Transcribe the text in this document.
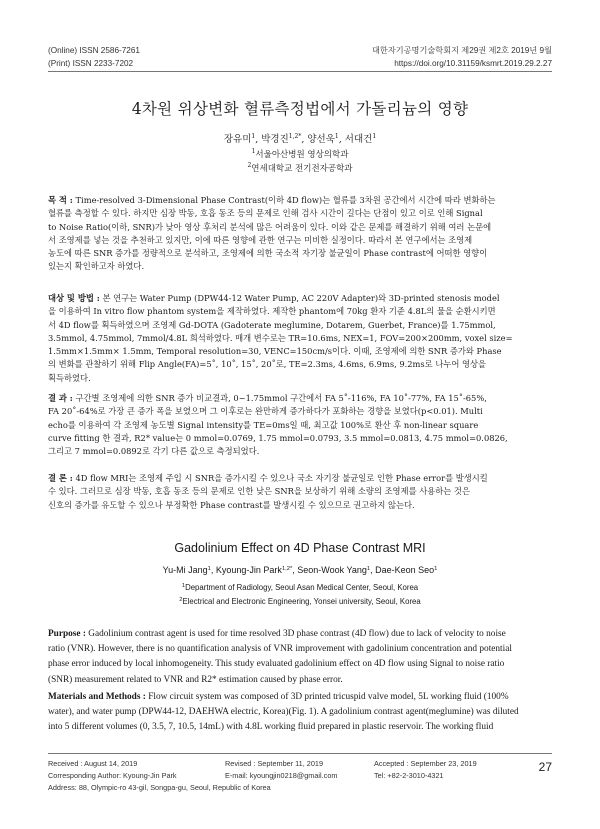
(Online) ISSN 2586-7261
(Print) ISSN 2233-7202
대한자기공명기술학회지 제29권 제2호 2019년 9월
https://doi.org/10.31159/ksmrt.2019.29.2.27
4차원 위상변화 혈류측정법에서 가돌리늄의 영향
장유미$^1$, 박경진$^{1,2*}$, 양선욱$^1$, 서대건$^1$
$^1$서울아산병원 영상의학과
$^2$연세대학교 전기전자공학과
목 적 : Time-resolved 3-Dimensional Phase Contrast(이하 4D flow)는 혈류를 3차원 공간에서 시간에 따라 변화하는
혈류를 측정할 수 있다. 하지만 심장 박동, 호흡 동조 등의 문제로 인해 검사 시간이 길다는 단점이 있고 이로 인해 Signal
to Noise Ratio(이하, SNR)가 낮아 영상 후처리 분석에 많은 어려움이 있다. 이와 같은 문제를 해결하기 위해 여러 논문에
서 조영제를 넣는 것을 추천하고 있지만, 이에 따른 영향에 관한 연구는 미비한 실정이다. 따라서 본 연구에서는 조영제
농도에 따른 SNR 증가를 정량적으로 분석하고, 조영제에 의한 국소적 자기장 불균일이 Phase contrast에 어떠한 영향이
있는지 확인하고자 하였다.
대상 및 방법 : 본 연구는 Water Pump (DPW44-12 Water Pump, AC 220V Adapter)와 3D-printed stenosis model
을 이용하여 In vitro flow phantom system을 제작하였다. 제작한 phantom에 70kg 환자 기준 4.8L의 물을 순환시키면
서 4D flow를 획득하였으며 조영제 Gd-DOTA (Gadoterate meglumine, Dotarem, Guerbet, France)를 1.75mmol,
3.5mmol, 4.75mmol, 7mmol/4.8L 희석하였다. 매개 변수로는 TR=10.6ms, NEX=1, FOV=200×200mm, voxel size=
1.5mm×1.5mm× 1.5mm, Temporal resolution=30, VENC=150cm/s이다. 이때, 조영제에 의한 SNR 증가와 Phase
의 변화를 관찰하기 위해 Flip Angle(FA)=5˚, 10˚, 15˚, 20˚로, TE=2.3ms, 4.6ms, 6.9ms, 9.2ms로 나누어 영상을
획득하였다.
결 과 : 구간별 조영제에 의한 SNR 증가 비교결과, 0~1.75mmol 구간에서 FA 5˚-116%, FA 10˚-77%, FA 15˚-65%,
FA 20˚-64%로 가장 큰 증가 폭을 보였으며 그 이후로는 완만하게 증가하다가 포화하는 경향을 보였다(p<0.01). Multi
echo를 이용하여 각 조영제 농도별 Signal intensity를 TE=0ms일 때, 최고값 100%로 환산 후 non-linear square
curve fitting 한 결과, R2* value는 0 mmol=0.0769, 1.75 mmol=0.0793, 3.5 mmol=0.0813, 4.75 mmol=0.0826,
그리고 7 mmol=0.0892로 각기 다른 값으로 측정되었다.
결 론 : 4D flow MRI는 조영제 주입 시 SNR을 증가시킬 수 있으나 국소 자기장 불균일로 인한 Phase error를 발생시킬
수 있다. 그러므로 심장 박동, 호흡 동조 등의 문제로 인한 낮은 SNR을 보상하기 위해 소량의 조영제를 사용하는 것은
신호의 증가를 유도할 수 있으나 부정확한 Phase contrast를 발생시킬 수 있으므로 권고하지 않는다.
Gadolinium Effect on 4D Phase Contrast MRI
Yu-Mi Jang$^1$, Kyoung-Jin Park$^{1,2*}$, Seon-Wook Yang$^1$, Dae-Keon Seo$^1$
$^1$Department of Radiology, Seoul Asan Medical Center, Seoul, Korea
$^2$Electrical and Electronic Engineering, Yonsei university, Seoul, Korea
Purpose : Gadolinium contrast agent is used for time resolved 3D phase contrast (4D flow) due to lack of velocity to noise
ratio (VNR). However, there is no quantification analysis of VNR improvement with gadolinium concentration and potential
phase error induced by local inhomogeneity. This study evaluated gadolinium effect on 4D flow using Signal to noise ratio
(SNR) measurement related to VNR and R2* estimation caused by phase error.
Materials and Methods : Flow circuit system was composed of 3D printed tricuspid valve model, 5L working fluid (100%
water), and water pump (DPW44-12, DAEHWA electric, Korea)(Fig. 1). A gadolinium contrast agent(meglumine) was diluted
into 5 different volumes (0, 3.5, 7, 10.5, 14mL) with 4.8L working fluid prepared in plastic reservoir. The working fluid
Received : August 14, 2019	Revised : September 11, 2019	Accepted : September 23, 2019
Corresponding Author: Kyoung-Jin Park	E-mail: kyoungjin0218@gmail.com	Tel: +82-2-3010-4321
Address: 88, Olympic-ro 43-gil, Songpa-gu, Seoul, Republic of Korea
27
